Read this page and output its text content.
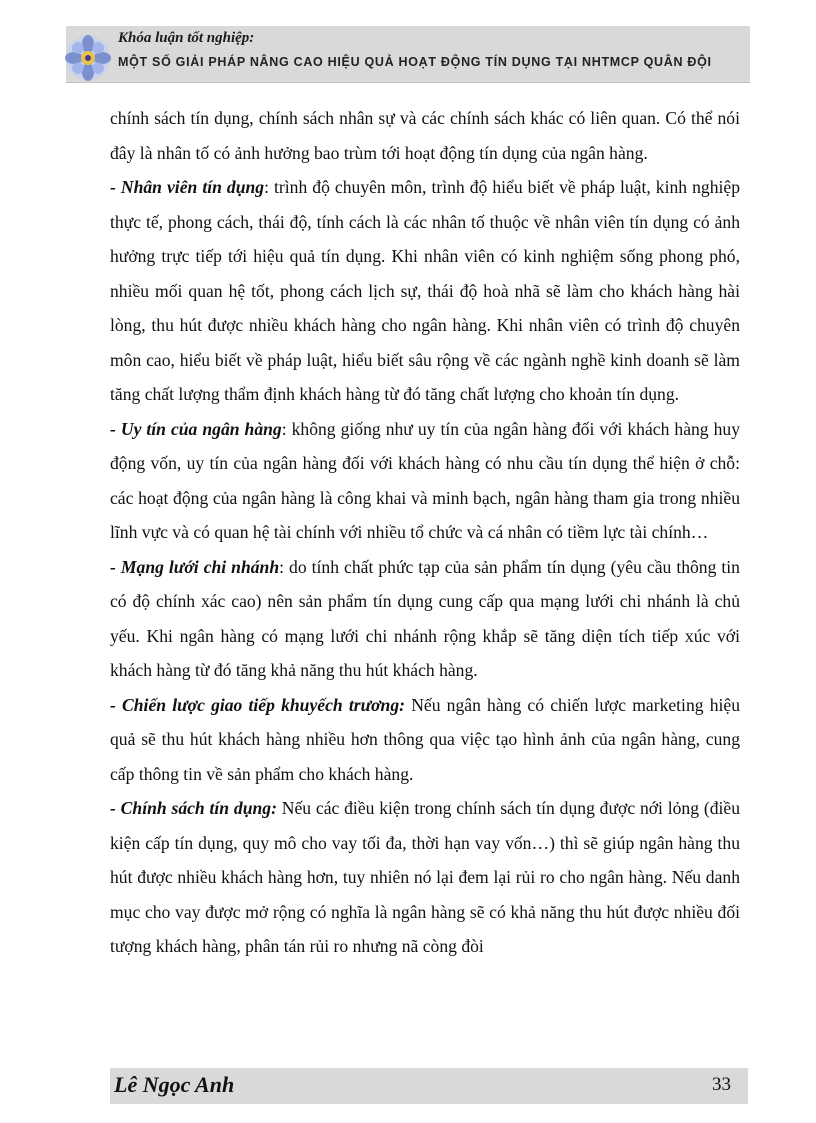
Khóa luận tốt nghiệp:
MỘT SỐ GIẢI PHÁP NÂNG CAO HIỆU QUẢ HOẠT ĐỘNG TÍN DỤNG TẠI NHTMCP QUÂN ĐỘI

chính sách tín dụng, chính sách nhân sự và các chính sách khác có liên quan. Có thể nói đây là nhân tố có ảnh hưởng bao trùm tới hoạt động tín dụng của ngân hàng.

- Nhân viên tín dụng: trình độ chuyên môn, trình độ hiểu biết về pháp luật, kinh nghiệp thực tế, phong cách, thái độ, tính cách là các nhân tố thuộc về nhân viên tín dụng có ảnh hưởng trực tiếp tới hiệu quả tín dụng. Khi nhân viên có kinh nghiệm sống phong phó, nhiều mối quan hệ tốt, phong cách lịch sự, thái độ hoà nhã sẽ làm cho khách hàng hài lòng, thu hút được nhiều khách hàng cho ngân hàng. Khi nhân viên có trình độ chuyên môn cao, hiểu biết về pháp luật, hiểu biết sâu rộng về các ngành nghề kinh doanh sẽ làm tăng chất lượng thẩm định khách hàng từ đó tăng chất lượng cho khoản tín dụng.

- Uy tín của ngân hàng: không giống như uy tín của ngân hàng đối với khách hàng huy động vốn, uy tín của ngân hàng đối với khách hàng có nhu cầu tín dụng thể hiện ở chỗ: các hoạt động của ngân hàng là công khai và minh bạch, ngân hàng tham gia trong nhiều lĩnh vực và có quan hệ tài chính với nhiều tổ chức và cá nhân có tiềm lực tài chính…

- Mạng lưới chi nhánh: do tính chất phức tạp của sản phẩm tín dụng (yêu cầu thông tin có độ chính xác cao) nên sản phẩm tín dụng cung cấp qua mạng lưới chi nhánh là chủ yếu. Khi ngân hàng có mạng lưới chi nhánh rộng khắp sẽ tăng diện tích tiếp xúc với khách hàng từ đó tăng khả năng thu hút khách hàng.

- Chiến lược giao tiếp khuyếch trương: Nếu ngân hàng có chiến lược marketing hiệu quả sẽ thu hút khách hàng nhiều hơn thông qua việc tạo hình ảnh của ngân hàng, cung cấp thông tin về sản phẩm cho khách hàng.

- Chính sách tín dụng: Nếu các điều kiện trong chính sách tín dụng được nới lỏng (điều kiện cấp tín dụng, quy mô cho vay tối đa, thời hạn vay vốn…) thì sẽ giúp ngân hàng thu hút được nhiều khách hàng hơn, tuy nhiên nó lại đem lại rủi ro cho ngân hàng. Nếu danh mục cho vay được mở rộng có nghĩa là ngân hàng sẽ có khả năng thu hút được nhiều đối tượng khách hàng, phân tán rủi ro nhưng nã còng đòi

Lê Ngọc Anh	33
